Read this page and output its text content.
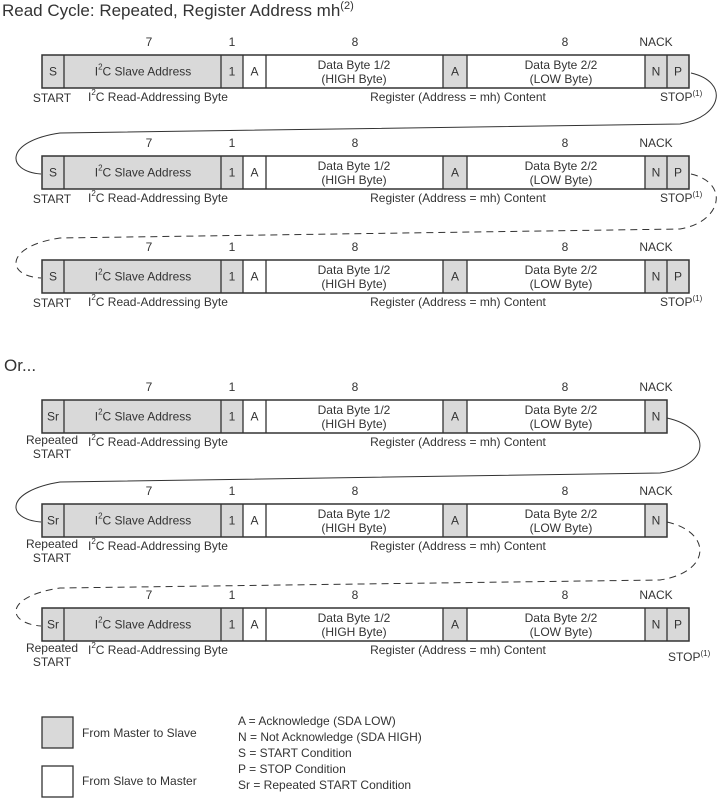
Read Cycle: Repeated, Register Address $mh^{(2)}$
Or...
7	1	8	8	NACK
S	$I^2C$ Slave Address	1 A	Data Byte 1/2
(HIGH Byte)
A	Data Byte 2/2
(LOW Byte)
N P
START $I^2C$ Read-Addressing Byte	Register (Address = mh) Content	STOP$^{(1)}$
7	1	8	8	NACK
S	$I^2C$ Slave Address	1 A	Data Byte 1/2
(HIGH Byte)
A	Data Byte 2/2
(LOW Byte)
N P
START $I^2C$ Read-Addressing Byte	Register (Address = mh) Content	STOP$^{(1)}$
7	1	8	8	NACK
S	$I^2C$ Slave Address	1 A	Data Byte 1/2
(HIGH Byte)
A	Data Byte 2/2
(LOW Byte)
N P
START $I^2C$ Read-Addressing Byte	Register (Address = mh) Content	STOP$^{(1)}$
7	1	8	8	NACK
Sr	$I^2C$ Slave Address	1 A	Data Byte 1/2
(HIGH Byte)
A	Data Byte 2/2
(LOW Byte)
N
Repeated
START
$I^2C$ Read-Addressing Byte	Register (Address = mh) Content
7	1	8	8	NACK
Sr	$I^2C$ Slave Address	1 A	Data Byte 1/2
(HIGH Byte)
A	Data Byte 2/2
(LOW Byte)
N
Repeated
START
$I^2C$ Read-Addressing Byte	Register (Address = mh) Content
7	1	8	8	NACK
Sr	$I^2C$ Slave Address	1 A	Data Byte 1/2
(HIGH Byte)
A	Data Byte 2/2
(LOW Byte)
N P
Repeated
START
$I^2C$ Read-Addressing Byte	Register (Address = mh) Content	STOP$^{(1)}$
From Master to Slave
From Slave to Master
A = Acknowledge (SDA LOW)
N = Not Acknowledge (SDA HIGH)
S = START Condition
P = STOP Condition
Sr = Repeated START Condition
